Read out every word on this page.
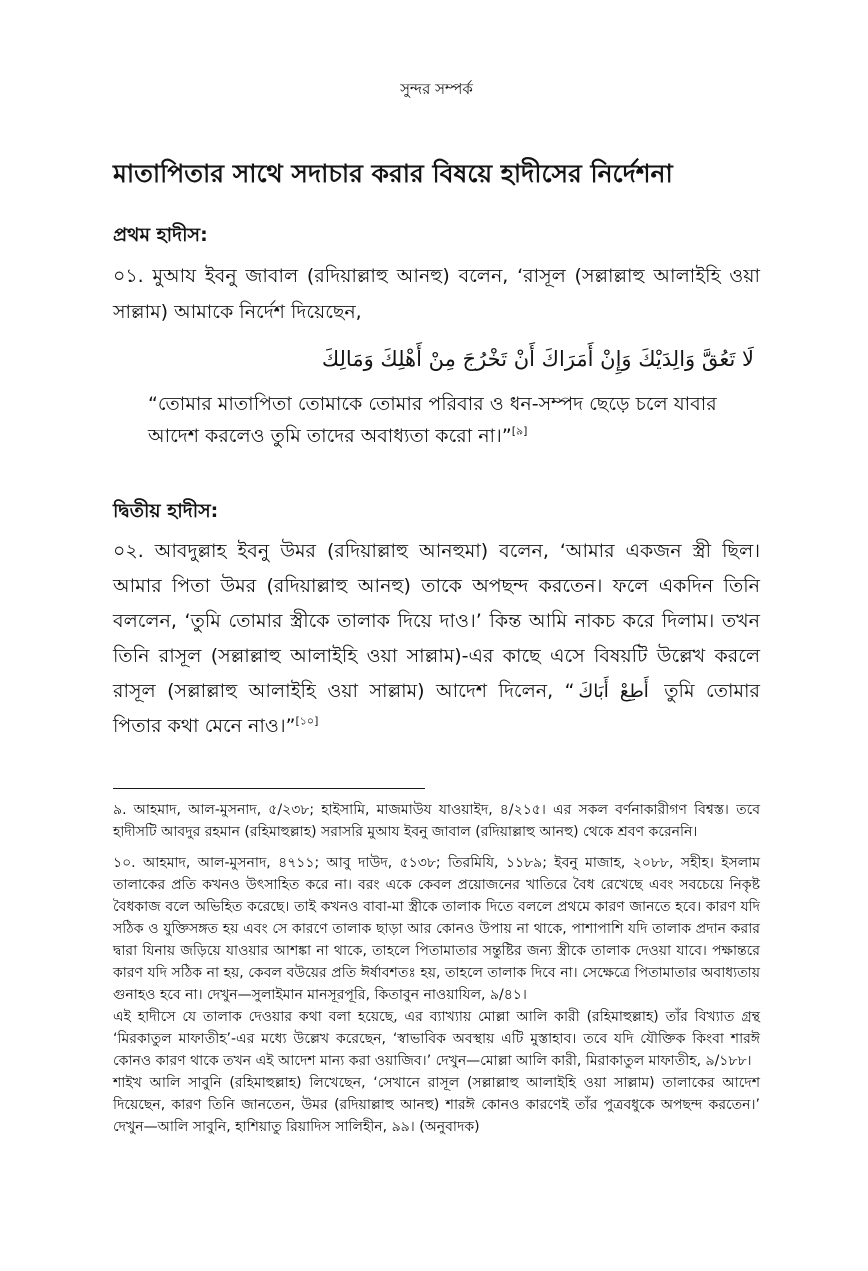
সুন্দর সম্পর্ক
মাতাপিতার সাথে সদাচার করার বিষয়ে হাদীসের নির্দেশনা
প্রথম হাদীস:

০১. মুআয ইবনু জাবাল (রদিয়াল্লাহু আনহু) বলেন, ‘রাসূল (সল্লাল্লাহু আলাইহি ওয়া সাল্লাম) আমাকে নির্দেশ দিয়েছেন,

لَا تَعُقَّ وَالِدَيْكَ وَإِنْ أَمَرَاكَ أَنْ تَخْرُجَ مِنْ أَهْلِكَ وَمَالِكَ

“তোমার মাতাপিতা তোমাকে তোমার পরিবার ও ধন-সম্পদ ছেড়ে চলে যাবার আদেশ করলেও তুমি তাদের অবাধ্যতা করো না।”[৯]

দ্বিতীয় হাদীস:

০২. আবদুল্লাহ ইবনু উমর (রদিয়াল্লাহু আনহুমা) বলেন, ‘আমার একজন স্ত্রী ছিল। আমার পিতা উমর (রদিয়াল্লাহু আনহু) তাকে অপছন্দ করতেন। ফলে একদিন তিনি বললেন, ‘তুমি তোমার স্ত্রীকে তালাক দিয়ে দাও।’ কিন্ত আমি নাকচ করে দিলাম। তখন তিনি রাসূল (সল্লাল্লাহু আলাইহি ওয়া সাল্লাম)-এর কাছে এসে বিষয়টি উল্লেখ করলে রাসূল (সল্লাল্লাহু আলাইহি ওয়া সাল্লাম) আদেশ দিলেন, “ أَطِعْ أَبَاكَ তুমি তোমার পিতার কথা মেনে নাও।”[১০]

৯. আহমাদ, আল-মুসনাদ, ৫/২৩৮; হাইসামি, মাজমাউয যাওয়াইদ, ৪/২১৫। এর সকল বর্ণনাকারীগণ বিশ্বস্ত। তবে হাদীসটি আবদুর রহমান (রহিমাহুল্লাহ) সরাসরি মুআয ইবনু জাবাল (রদিয়াল্লাহু আনহু) থেকে শ্রবণ করেননি।

১০. আহমাদ, আল-মুসনাদ, ৪৭১১; আবু দাউদ, ৫১৩৮; তিরমিযি, ১১৮৯; ইবনু মাজাহ, ২০৮৮, সহীহ। ইসলাম তালাকের প্রতি কখনও উৎসাহিত করে না। বরং একে কেবল প্রয়োজনের খাতিরে বৈধ রেখেছে এবং সবচেয়ে নিকৃষ্ট বৈধকাজ বলে অভিহিত করেছে। তাই কখনও বাবা-মা স্ত্রীকে তালাক দিতে বললে প্রথমে কারণ জানতে হবে। কারণ যদি সঠিক ও যুক্তিসঙ্গত হয় এবং সে কারণে তালাক ছাড়া আর কোনও উপায় না থাকে, পাশাপাশি যদি তালাক প্রদান করার দ্বারা যিনায় জড়িয়ে যাওয়ার আশঙ্কা না থাকে, তাহলে পিতামাতার সন্তুষ্টির জন্য স্ত্রীকে তালাক দেওয়া যাবে। পক্ষান্তরে কারণ যদি সঠিক না হয়, কেবল বউয়ের প্রতি ঈর্ষাবশতঃ হয়, তাহলে তালাক দিবে না। সেক্ষেত্রে পিতামাতার অবাধ্যতায় গুনাহও হবে না। দেখুন—সুলাইমান মানসূরপূরি, কিতাবুন নাওয়াযিল, ৯/৪১।

এই হাদীসে যে তালাক দেওয়ার কথা বলা হয়েছে, এর ব্যাখ্যায় মোল্লা আলি কারী (রহিমাহুল্লাহ) তাঁর বিখ্যাত গ্রন্থ ‘মিরকাতুল মাফাতীহ’-এর মধ্যে উল্লেখ করেছেন, ‘স্বাভাবিক অবস্থায় এটি মুস্তাহাব। তবে যদি যৌক্তিক কিংবা শারঈ কোনও কারণ থাকে তখন এই আদেশ মান্য করা ওয়াজিব।’ দেখুন—মোল্লা আলি কারী, মিরাকাতুল মাফাতীহ, ৯/১৮৮।

শাইখ আলি সাবুনি (রহিমাহুল্লাহ) লিখেছেন, ‘সেখানে রাসূল (সল্লাল্লাহু আলাইহি ওয়া সাল্লাম) তালাকের আদেশ দিয়েছেন, কারণ তিনি জানতেন, উমর (রদিয়াল্লাহু আনহু) শারঈ কোনও কারণেই তাঁর পুত্রবধুকে অপছন্দ করতেন।’ দেখুন—আলি সাবুনি, হাশিয়াতু রিয়াদিস সালিহীন, ৯৯। (অনুবাদক)
